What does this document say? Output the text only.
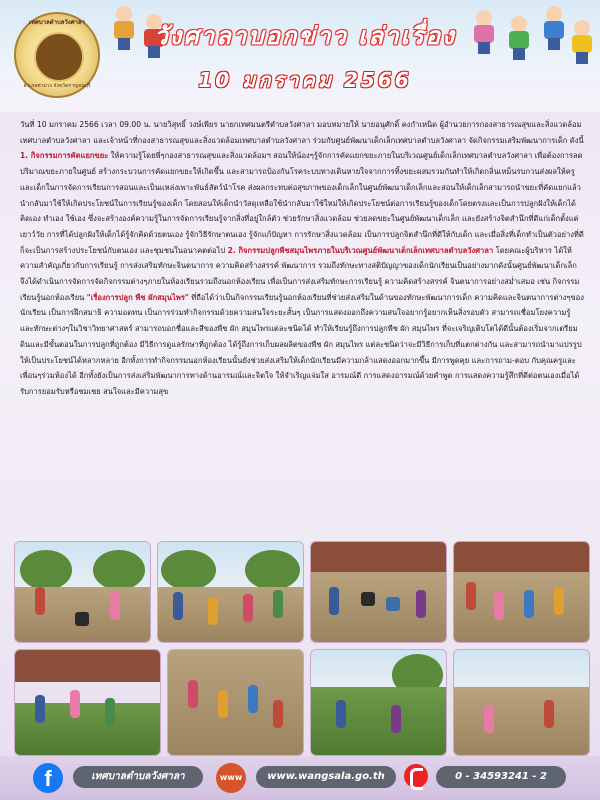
เทศบาลตำบลวังศาลา
อำเภอท่าม่วง จังหวัดกาญจนบุรี
วังศาลาบอกข่าว เล่าเรื่อง
10 มกราคม 2566
วันที่ 10 มกราคม 2566 เวลา 09.00 น. นายวิสุทธิ์ วงษ์เพียร นายกเทศมนตรีตำบลวังศาลา มอบหมายให้ นายอนุศักดิ์ คงกำเหนิด ผู้อำนวยการกองสาธารณสุขและสิ่งแวดล้อมเทศบาลตำบลวังศาลา และเจ้าหน้าที่กองสาธารณสุขและสิ่งแวดล้อมเทศบาลตำบลวังศาลา ร่วมกับศูนย์พัฒนาเด็กเล็กเทศบาลตำบลวังศาลา จัดกิจกรรมเสริมพัฒนาการเด็ก ดังนี้ 1. กิจกรรมการคัดแยกขยะ ให้ความรู้โดยพี่ๆกองสาธารณสุขและสิ่งแวดล้อมฯ สอนให้น้องๆรู้จักการคัดแยกขยะภายในบริเวณศูนย์เด็กเล็กเทศบาลตำบลวังศาลา เพื่อต้องการลดปริมาณขยะภายในศูนย์ สร้างกระบวนการคัดแยกขยะให้เกิดขึ้น และสามารถป้องกันโรคระบบทางเดินหายใจจากการทิ้งขยะผสมรวมกันทำให้เกิดกลิ่นเหม็นรบกวนส่งผลให้ครูและเด็กในการจัดการเรียนการสอนและเป็นแหล่งเพาะพันธ์สัตว์นำโรค ส่งผลกระทบต่อสุขภาพของเด็กเล็กในศูนย์พัฒนาเด็กเล็กและสอนให้เด็กเล็กสามารถนำขยะที่คัดแยกแล้วนำกลับมาใช้ให้เกิดประโยชน์ในการเรียนรู้ของเด็ก โดยสอนให้เด็กนำวัสดุเหลือใช้นำกลับมาใช้ใหม่ให้เกิดประโยชน์ต่อการเรียนรู้ของเด็กโดยตรงและเป็นการปลูกฝังให้เด็กได้คิดเอง ทำเอง ใช้เอง ซึ่งจะสร้างองค์ความรู้ในการจัดการเรียนรู้จากสิ่งที่อยู่ใกล้ตัว ช่วยรักษาสิ่งแวดล้อม ช่วยลดขยะในศูนย์พัฒนาเด็กเล็ก และยังสร้างจิตสำนึกที่ดีแก่เด็กตั้งแต่เยาว์วัย การที่ได้ปลูกฝังให้เด็กได้รู้จักคิดด้วยตนเอง รู้จักวิธีรักษาตนเอง รู้จักแก้ปัญหา การรักษาสิ่งแวดล้อม เป็นการปลูกจิตสำนึกที่ดีให้กับเด็ก และเมื่อสิ่งที่เด็กทำเป็นตัวอย่างที่ดี ก็จะเป็นการสร้างประโยชน์กับตนเอง และชุมชนในอนาคตต่อไป 2. กิจกรรมปลูกพืชสมุนไพรภายในบริเวณศูนย์พัฒนาเด็กเล็กเทศบาลตำบลวังศาลา โดยคณะผู้บริหาร ได้ให้ความสำคัญเกี่ยวกับการเรียนรู้ การส่งเสริมทักษะจินตนาการ ความคิดสร้างสรรค์ พัฒนาการ รวมถึงทักษะทางสติปัญญาของเด็กนักเรียนเป็นอย่างมากดังนั้นศูนย์พัฒนาเด็กเล็กจึงได้ดำเนินการจัดการจัดกิจกรรมต่างๆภายในห้องเรียนรวมถึงนอกห้องเรียน เพื่อเป็นการส่งเสริมทักษะการเรียนรู้ ความคิดสร้างสรรค์ จินตนาการอย่างสม่ำเสมอ เช่น กิจกรรมเรียนรู้นอกห้องเรียน "เรื่องการปลูก พืช ผักสมุนไพร" ที่ถือได้ว่าเป็นกิจกรรมเรียนรู้นอกห้องเรียนที่ช่วยส่งเสริมในด้านของทักษะพัฒนาการเด็ก ความคิดและจินตนาการต่างๆของนักเรียน เป็นการฝึกสมาธิ ความอดทน เป็นการร่วมทำกิจกรรมด้วยความสนใจระยะสั้นๆ เป็นการแสดงออกถึงความสนใจอยากรู้อยากเห็นสิ่งรอบตัว สามารถเชื่อมโยงความรู้และทักษะต่างๆในวิชาวิทยาศาสตร์ สามารถบอกชื่อและสีของพืช ผัก สมุนไพรแต่ละชนิดได้ ทำให้เรียนรู้ถึงการปลูกพืช ผัก สมุนไพร ที่จะเจริญเติบโตได้ดีนั้นต้องเริ่มจากเตรียมดินและมีขั้นตอนในการปลูกที่ถูกต้อง มีวิธีการดูแลรักษาที่ถูกต้อง ได้รู้ถึงการเก็บผลผลิตของพืช ผัก สมุนไพร แต่ละชนิดว่าจะมีวิธีการเก็บที่แตกต่างกัน และสามารถนำมาแปรรูปให้เป็นประโยชน์ได้หลากหลาย อีกทั้งการทำกิจกรรมนอกห้องเรียนนั้นยังช่วยส่งเสริมให้เด็กนักเรียนมีความกล้าแสดงออกมากขึ้น มีการพูดคุย และการถาม-ตอบ กับคุณครูและเพื่อนๆร่วมห้องได้ อีกทั้งยังเป็นการส่งเสริมพัฒนาการทางด้านอารมณ์และจิตใจ ให้จำเริญแจ่มใส อารมณ์ดี การแสดงอารมณ์ด้วยคำพูด การแสดงความรู้สึกที่ดีต่อตนเองเมื่อได้รับการยอมรับหรือชมเชย สนใจและมีความสุข
f	เทศบาลตำบลวังศาลา	www	www.wangsala.go.th	0 - 34593241 - 2
